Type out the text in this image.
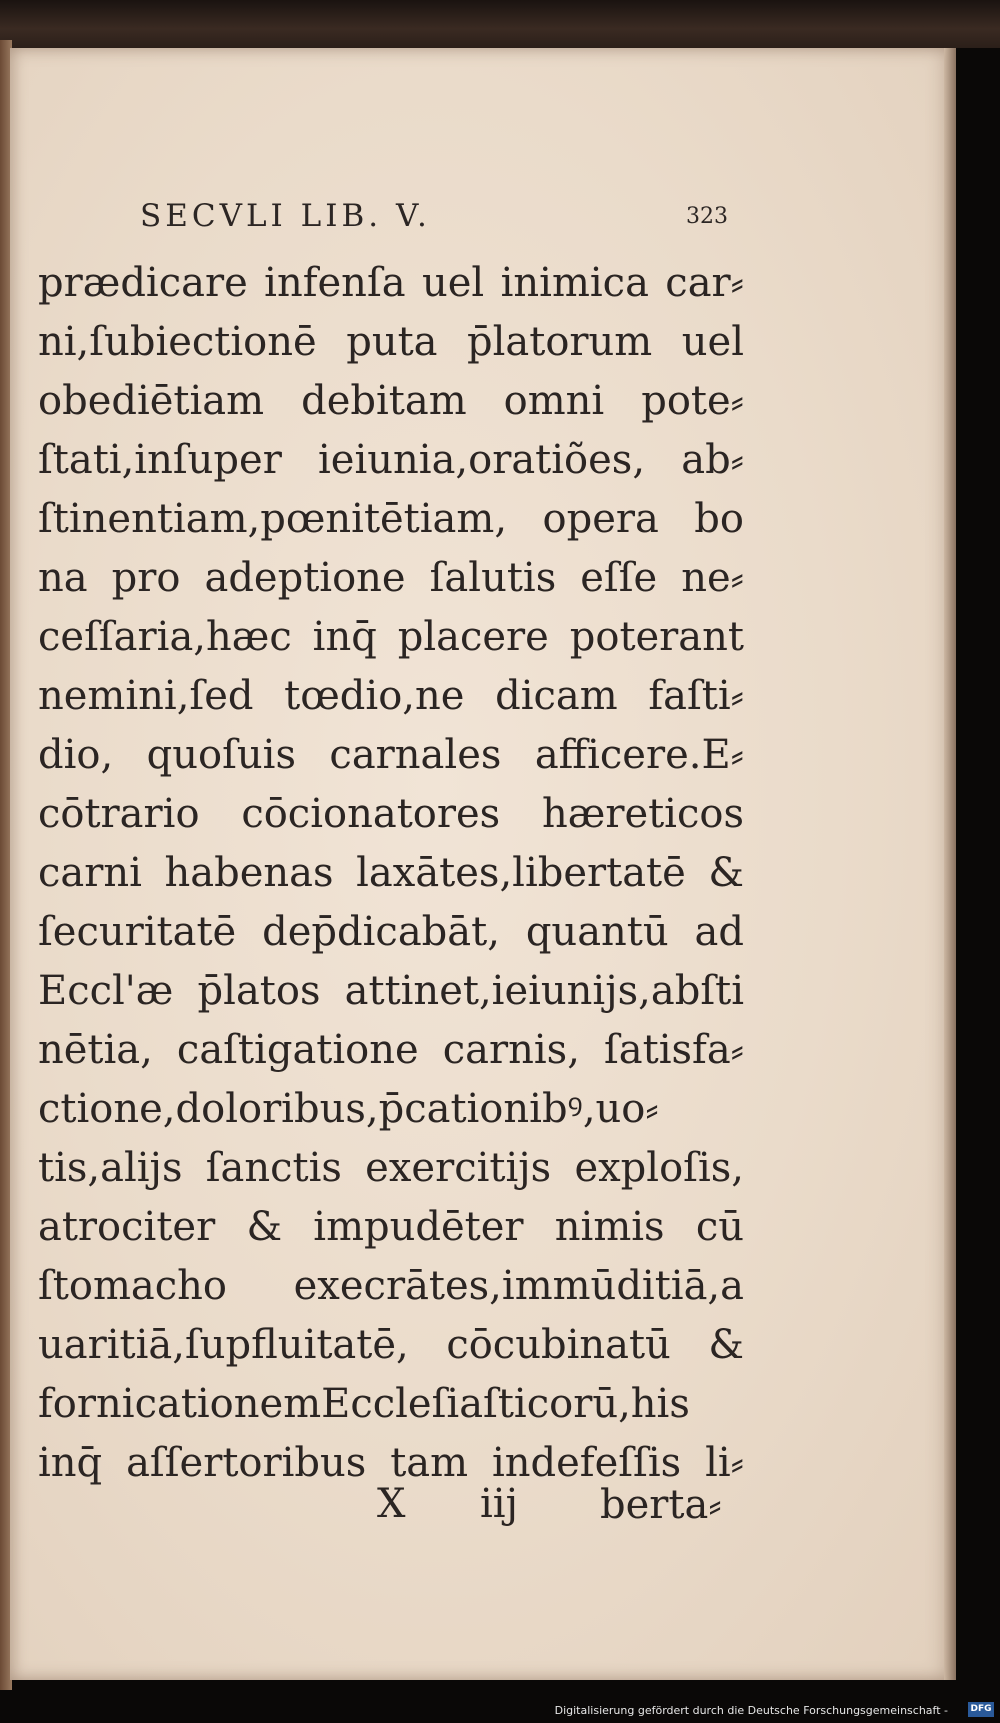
SECVLI LIB. V.	323
prædicare infenſa uel inimica car⸗
ni,ſubiectionē puta p̄latorum uel
obediētiam debitam omni pote⸗
ſtati,inſuper ieiunia,oratiões, ab⸗
ſtinentiam,pœnitētiam, opera bo
na pro adeptione ſalutis eſſe ne⸗
ceſſaria,hæc inq̄ placere poterant
nemini,ſed tœdio,ne dicam faſti⸗
dio, quoſuis carnales afficere.E⸗
cōtrario cōcionatores hæreticos
carni habenas laxātes,libertatē &
ſecuritatē dep̄dicabāt, quantū ad
Eccl'æ p̄latos attinet,ieiunijs,abſti
nētia, caſtigatione carnis, ſatisfa⸗
ctione,doloribus,p̄cationibꝰ,uo⸗
tis,alijs ſanctis exercitijs exploſis,
atrociter & impudēter nimis cū
ſtomacho execrātes,immūditiā,a
uaritiā,ſupfluitatē, cōcubinatū &
fornicationemEccleſiaſticorū,his
inq̄ aſſertoribus tam indefeſſis li⸗
X iij berta⸗
Digitalisierung gefördert durch die Deutsche Forschungsgemeinschaft - DFG
